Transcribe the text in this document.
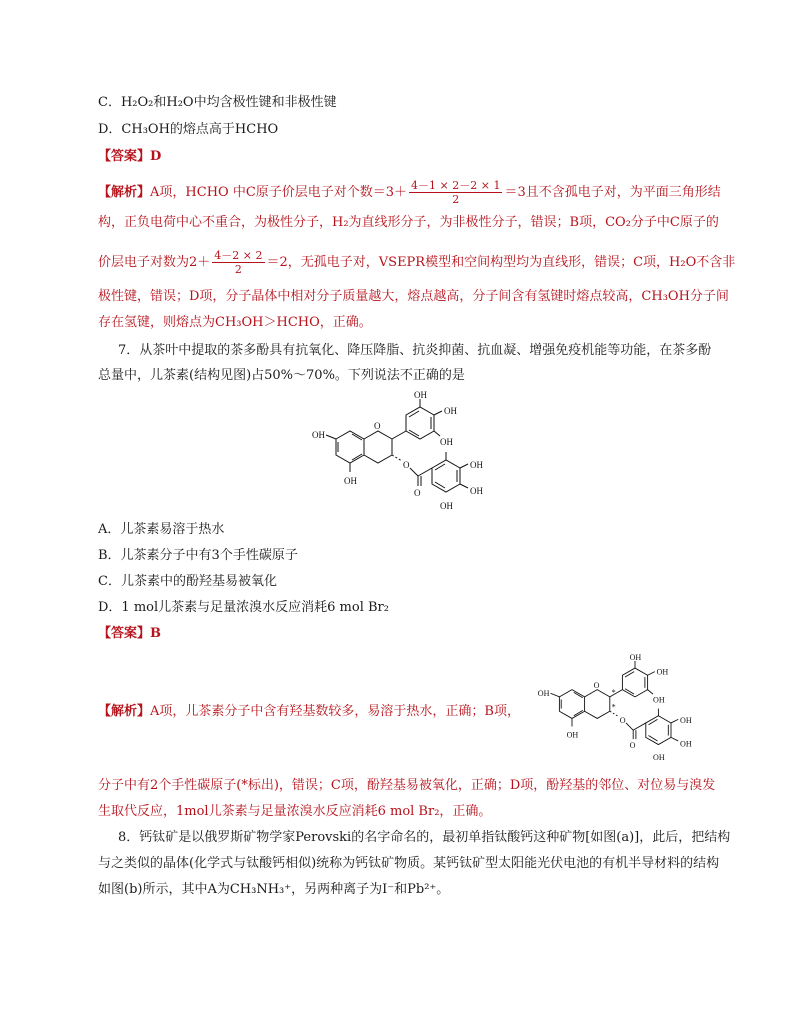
C．H₂O₂和H₂O中均含极性键和非极性键
D．CH₃OH的熔点高于HCHO
【答案】D
【解析】A项，HCHO 中C原子价层电子对个数$=3+ \frac{4-1 \times 2-2 \times 1}{2} =3$且不含孤电子对，为平面三角形结
构，正负电荷中心不重合，为极性分子，H₂为直线形分子，为非极性分子，错误；B项，CO₂分子中C原子的
价层电子对数为$2+ \frac{4-2 \times 2}{2} =2$，无孤电子对，VSEPR模型和空间构型均为直线形，错误；C项，H₂O不含非
极性键，错误；D项，分子晶体中相对分子质量越大，熔点越高，分子间含有氢键时熔点较高，CH₃OH分子间
存在氢键，则熔点为CH₃OH＞HCHO，正确。
7．从茶叶中提取的茶多酚具有抗氧化、降压降脂、抗炎抑菌、抗血凝、增强免疫机能等功能，在茶多酚
总量中，儿茶素(结构见图)占50%～70%。下列说法不正确的是
OH
OH
O
OH
OH
OH
O
O
OH
OH
OH
A．儿茶素易溶于热水
B．儿茶素分子中有3个手性碳原子
C．儿茶素中的酚羟基易被氧化
D．1 mol儿茶素与足量浓溴水反应消耗6 mol Br₂
【答案】B
【解析】A项，儿茶素分子中含有羟基数较多，易溶于热水，正确；B项，
OH
OH
O
*
*
OH
OH
OH
O
O
OH
OH
OH
分子中有2个手性碳原子(*标出)，错误；C项，酚羟基易被氧化，正确；D项，酚羟基的邻位、对位易与溴发
生取代反应，1mol儿茶素与足量浓溴水反应消耗6 mol Br₂，正确。
8．钙钛矿是以俄罗斯矿物学家Perovski的名字命名的，最初单指钛酸钙这种矿物[如图(a)]，此后，把结构
与之类似的晶体(化学式与钛酸钙相似)统称为钙钛矿物质。某钙钛矿型太阳能光伏电池的有机半导材料的结构
如图(b)所示，其中A为CH₃NH₃⁺，另两种离子为I⁻和Pb²⁺。
